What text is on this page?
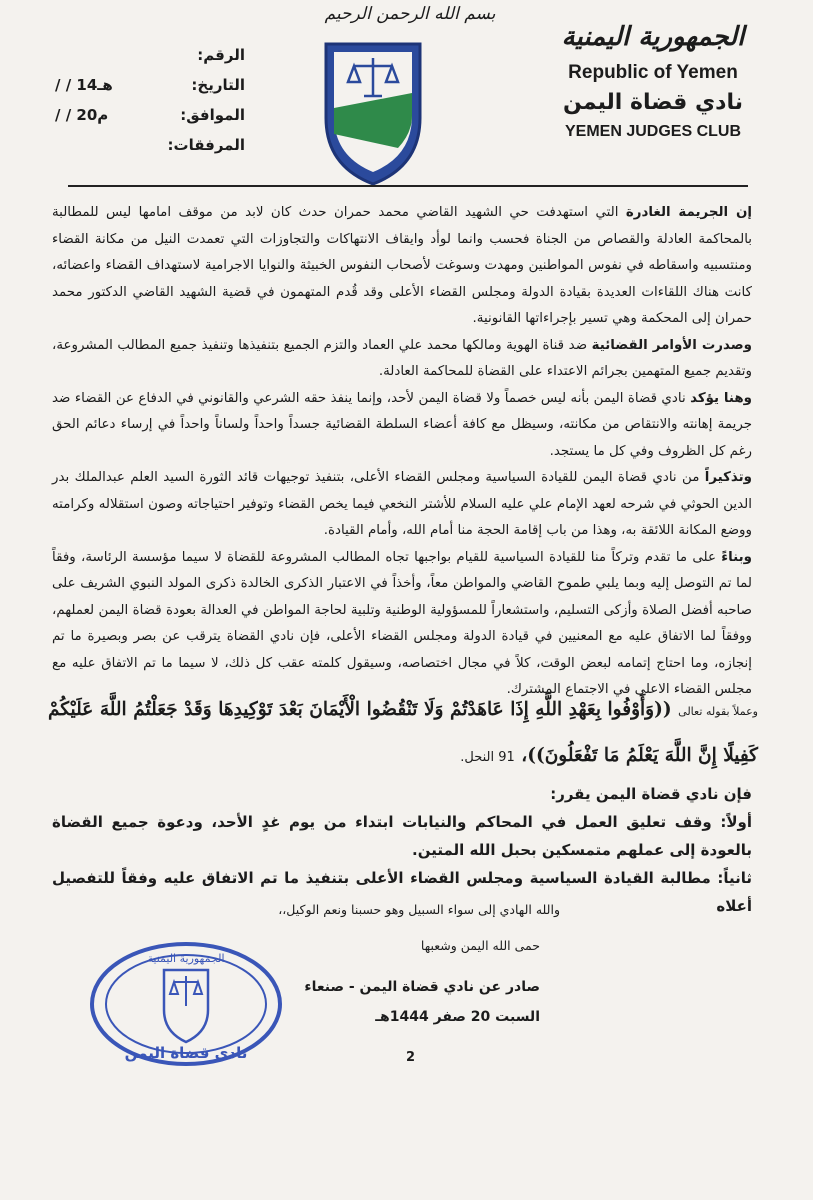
بسم الله الرحمن الرحيم
الجمهورية اليمنية
Republic of Yemen
نادي قضاة اليمن
YEMEN JUDGES CLUB
الرقم:
التاريخ:
/ / 14هـ
الموافق:
/ / 20م
المرفقات:

إن الجريمة الغادرة التي استهدفت حي الشهيد القاضي محمد حمران حدث كان لابد من موقف امامها ليس للمطالبة بالمحاكمة العادلة والقصاص من الجناة فحسب وانما لوأد وايقاف الانتهاكات والتجاوزات التي تعمدت النيل من مكانة القضاء ومنتسبيه واسقاطه في نفوس المواطنين ومهدت وسوغت لأصحاب النفوس الخبيثة والنوايا الاجرامية لاستهداف القضاء واعضائه، كانت هناك اللقاءات العديدة بقيادة الدولة ومجلس القضاء الأعلى وقد قُدم المتهمون في قضية الشهيد القاضي الدكتور محمد حمران إلى المحكمة وهي تسير بإجراءاتها القانونية.

وصدرت الأوامر القضائية ضد قناة الهوية ومالكها محمد علي العماد والتزم الجميع بتنفيذها وتنفيذ جميع المطالب المشروعة، وتقديم جميع المتهمين بجرائم الاعتداء على القضاة للمحاكمة العادلة.

وهنا يؤكد نادي قضاة اليمن بأنه ليس خصماً ولا قضاة اليمن لأحد، وإنما ينفذ حقه الشرعي والقانوني في الدفاع عن القضاء ضد جريمة إهانته والانتقاص من مكانته، وسيظل مع كافة أعضاء السلطة القضائية جسداً واحداً ولساناً واحداً في إرساء دعائم الحق رغم كل الظروف وفي كل ما يستجد.

وتذكيراً من نادي قضاة اليمن للقيادة السياسية ومجلس القضاء الأعلى، بتنفيذ توجيهات قائد الثورة السيد العلم عبدالملك بدر الدين الحوثي في شرحه لعهد الإمام علي عليه السلام للأشتر النخعي فيما يخص القضاء وتوفير احتياجاته وصون استقلاله وكرامته ووضع المكانة اللائقة به، وهذا من باب إقامة الحجة منا أمام الله، وأمام القيادة.

وبناءً على ما تقدم وتركاً منا للقيادة السياسية للقيام بواجبها تجاه المطالب المشروعة للقضاة لا سيما مؤسسة الرئاسة، وفقاً لما تم التوصل إليه وبما يلبي طموح القاضي والمواطن معاً، وأخذاً في الاعتبار الذكرى الخالدة ذكرى المولد النبوي الشريف على صاحبه أفضل الصلاة وأزكى التسليم، واستشعاراً للمسؤولية الوطنية وتلبية لحاجة المواطن في العدالة بعودة قضاة اليمن لعملهم، ووفقاً لما الاتفاق عليه مع المعنيين في قيادة الدولة ومجلس القضاء الأعلى، فإن نادي القضاة يترقب عن بصر وبصيرة ما تم إنجازه، وما احتاج إتمامه لبعض الوقت، كلاً في مجال اختصاصه، وسيقول كلمته عقب كل ذلك، لا سيما ما تم الاتفاق عليه مع مجلس القضاء الاعلى في الاجتماع المشترك.

وعملاً بقوله تعالى ((وَأَوْفُوا بِعَهْدِ اللَّهِ إِذَا عَاهَدْتُمْ وَلَا تَنْقُضُوا الْأَيْمَانَ بَعْدَ تَوْكِيدِهَا وَقَدْ جَعَلْتُمُ اللَّهَ عَلَيْكُمْ كَفِيلًا إِنَّ اللَّهَ يَعْلَمُ مَا تَفْعَلُونَ))، 91 النحل.
فإن نادي قضاة اليمن يقرر:
أولاً: وقف تعليق العمل في المحاكم والنيابات ابتداء من يوم غدٍ الأحد، ودعوة جميع القضاة بالعودة إلى عملهم متمسكين بحبل الله المتين.
ثانياً: مطالبة القيادة السياسية ومجلس القضاء الأعلى بتنفيذ ما تم الاتفاق عليه وفقاً للتفصيل أعلاه
والله الهادي إلى سواء السبيل وهو حسبنا ونعم الوكيل،،
حمى الله اليمن وشعبها
صادر عن نادي قضاة اليمن - صنعاء
السبت 20 صفر 1444هـ
الجمهورية اليمنية
نادي قضاة اليمن	2
